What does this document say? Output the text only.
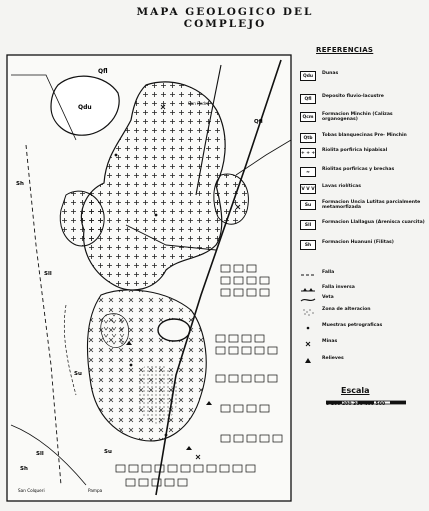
MAPA GEOLOGICO DEL COMPLEJO
Qfl
Qdu
Sh
Sll
Su
Su
Sll
Sh
Qfl
San Colqueri	Pampa
San Pedro
REFERENCIAS
Qdu
Dunas
Qfl
Deposito fluvio-lacustre
Qcm
Formacion Minchin (Calizas organogenas)
Qtb
Tobas blanquecinas Pre- Minchin
+ + +
Riolita porfirica hipabisal
≈
Riolitas porfiricas y brechas
V V V
Lavas riolíticas
Su
Formacion Uncia Lutitas parcialmente metamorfizada
Sll
Formacion Llallagua (Arenisca cuarcita)
Sh
Formacion Huanuni (Filitas)
Falla
Falla inversa
Veta
Zona de alteracion
Muestras petrograficas
Minas
Relieves
Escala
0 100 200 300 400 500
